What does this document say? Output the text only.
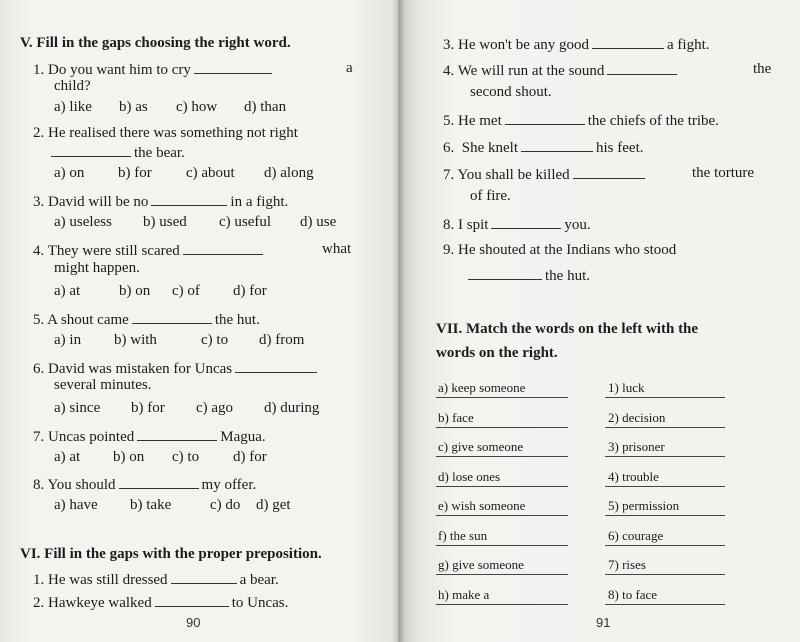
V. Fill in the gaps choosing the right word.
1. Do you want him to cry	a
child?
a) like b) as c) how d) than
2. He realised there was something not right
the bear.
a) on b) for c) about d) along
3. David will be no	in a fight.
a) useless b) used c) useful d) use
4. They were still scared	what
might happen.
a) at	b) on c) of d) for
5. A shout came	the hut.
a) in b) with	c) to d) from
6. David was mistaken for Uncas
several minutes.
a) since b) for c) ago d) during
7. Uncas pointed	Magua.
a) at b) on c) to d) for
8. You should	my offer.
a) have b) take	c) do d) get
VI. Fill in the gaps with the proper preposition.
1. He was still dressed	a bear.
2. Hawkeye walked	to Uncas.
90
3. He won't be any good	a fight.
4. We will run at the sound	the
second shout.
5. He met	the chiefs of the tribe.
6.  She knelt	his feet.
7. You shall be killed	the torture
of fire.
8. I spit	you.
9. He shouted at the Indians who stood
the hut.
VII. Match the words on the left with the
words on the right.
a) keep someone	1) luck
b) face	2) decision
c) give someone	3) prisoner
d) lose ones	4) trouble
e) wish someone	5) permission
f) the sun	6) courage
g) give someone	7) rises
h) make a	8) to face
91
